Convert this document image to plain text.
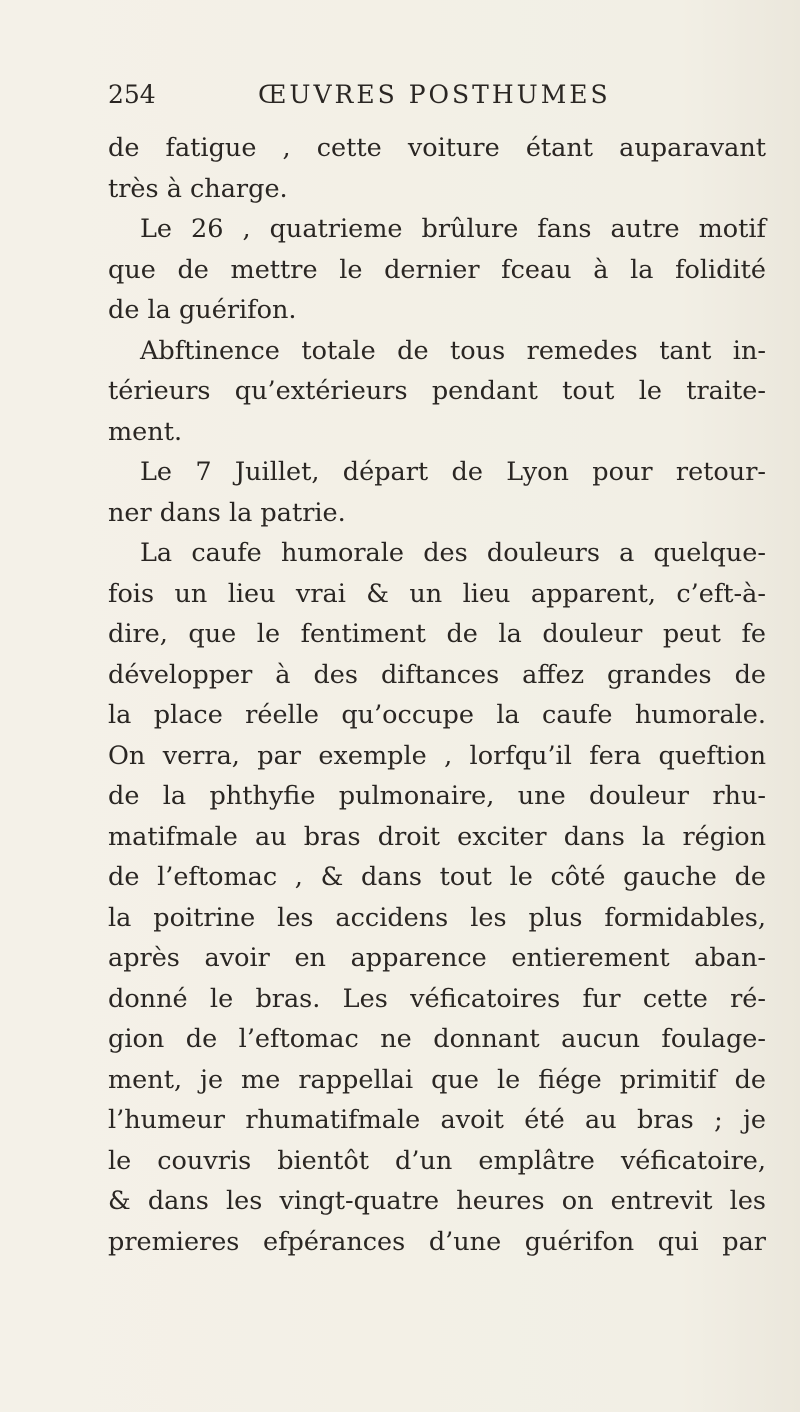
254	ŒUVRES POSTHUMES
de fatigue , cette voiture étant auparavant
très à charge.
Le 26 , quatrieme brûlure fans autre motif
que de mettre le dernier fceau à la folidité
de la guérifon.
Abftinence totale de tous remedes tant in-
térieurs qu’extérieurs pendant tout le traite-
ment.
Le 7 Juillet, départ de Lyon pour retour-
ner dans la patrie.
La caufe humorale des douleurs a quelque-
fois un lieu vrai & un lieu apparent, c’eft-à-
dire, que le fentiment de la douleur peut fe
développer à des diftances affez grandes de
la place réelle qu’occupe la caufe humorale.
On verra, par exemple , lorfqu’il fera queftion
de la phthyfie pulmonaire, une douleur rhu-
matifmale au bras droit exciter dans la région
de l’eftomac , & dans tout le côté gauche de
la poitrine les accidens les plus formidables,
après avoir en apparence entierement aban-
donné le bras. Les véficatoires fur cette ré-
gion de l’eftomac ne donnant aucun foulage-
ment, je me rappellai que le fiége primitif de
l’humeur rhumatifmale avoit été au bras ; je
le couvris bientôt d’un emplâtre véficatoire,
& dans les vingt-quatre heures on entrevit les
premieres efpérances d’une guérifon qui par
